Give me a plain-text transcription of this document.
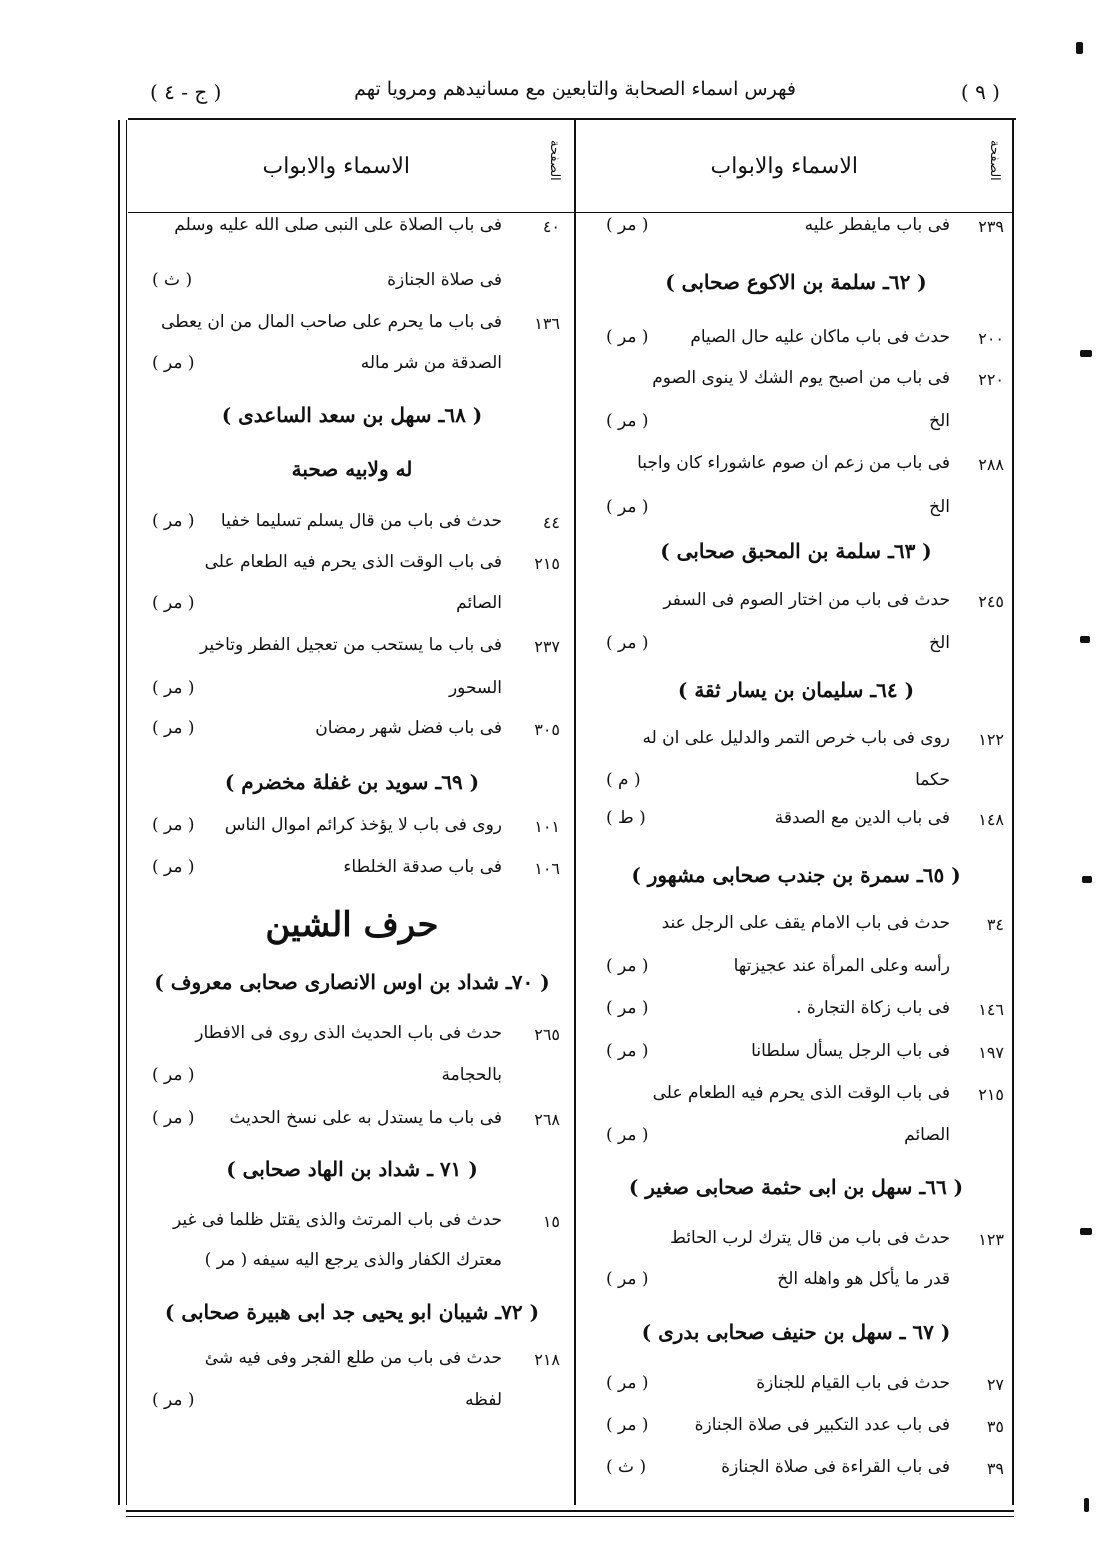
( ٩ )
فهرس اسماء الصحابة والتابعين مع مسانيدهم ومرويا تهم
( ج - ٤ )
الصفحة
الاسماء والابواب
الصفحة
الاسماء والابواب
٢٣٩
فى باب مايفطر عليه
( مر )
( ٦٢ـ سلمة بن الاكوع صحابى )
٢٠٠
حدث فى باب ماكان عليه حال الصيام
( مر )
٢٢٠
فى باب من اصبح يوم الشك لا ينوى الصوم
الخ
( مر )
٢٨٨
فى باب من زعم ان صوم عاشوراء كان واجبا
الخ
( مر )
( ٦٣ـ سلمة بن المحبق صحابى )
٢٤٥
حدث فى باب من اختار الصوم فى السفر
الخ
( مر )
( ٦٤ـ سليمان بن يسار ثقة )
١٢٢
روى فى باب خرص التمر والدليل على ان له
حكما
( م )
١٤٨
فى باب الدين مع الصدقة
( ط )
( ٦٥ـ سمرة بن جندب صحابى مشهور )
٣٤
حدث فى باب الامام يقف على الرجل عند
رأسه وعلى المرأة عند عجيزتها
( مر )
١٤٦
فى باب زكاة التجارة .
( مر )
١٩٧
فى باب الرجل يسأل سلطانا
( مر )
٢١٥
فى باب الوقت الذى يحرم فيه الطعام على
الصائم
( مر )
( ٦٦ـ سهل بن ابى حثمة صحابى صغير )
١٢٣
حدث فى باب من قال يترك لرب الحائط
قدر ما يأكل هو واهله الخ
( مر )
( ٦٧ ـ سهل بن حنيف صحابى بدرى )
٢٧
حدث فى باب القيام للجنازة
( مر )
٣٥
فى باب عدد التكبير فى صلاة الجنازة
( مر )
٣٩
فى باب القراءة فى صلاة الجنازة
( ث )
٤٠
فى باب الصلاة على النبى صلى الله عليه وسلم
فى صلاة الجنازة
( ث )
١٣٦
فى باب ما يحرم على صاحب المال من ان يعطى
الصدقة من شر ماله
( مر )
( ٦٨ـ سهل بن سعد الساعدى )
له ولابيه صحبة
٤٤
حدث فى باب من قال يسلم تسليما خفيا
( مر )
٢١٥
فى باب الوقت الذى يحرم فيه الطعام على
الصائم
( مر )
٢٣٧
فى باب ما يستحب من تعجيل الفطر وتاخير
السحور
( مر )
٣٠٥
فى باب فضل شهر رمضان
( مر )
( ٦٩ـ سويد بن غفلة مخضرم )
١٠١
روى فى باب لا يؤخذ كرائم اموال الناس
( مر )
١٠٦
فى باب صدقة الخلطاء
( مر )
حرف الشين
( ٧٠ـ شداد بن اوس الانصارى صحابى معروف )
٢٦٥
حدث فى باب الحديث الذى روى فى الافطار
بالحجامة
( مر )
٢٦٨
فى باب ما يستدل به على نسخ الحديث
( مر )
( ٧١ ـ شداد بن الهاد صحابى )
١٥
حدث فى باب المرتث والذى يقتل ظلما فى غير
معترك الكفار والذى يرجع اليه سيفه ( مر )
( ٧٢ـ شيبان ابو يحيى جد ابى هبيرة صحابى )
٢١٨
حدث فى باب من طلع الفجر وفى فيه شئ
لفظه
( مر )
